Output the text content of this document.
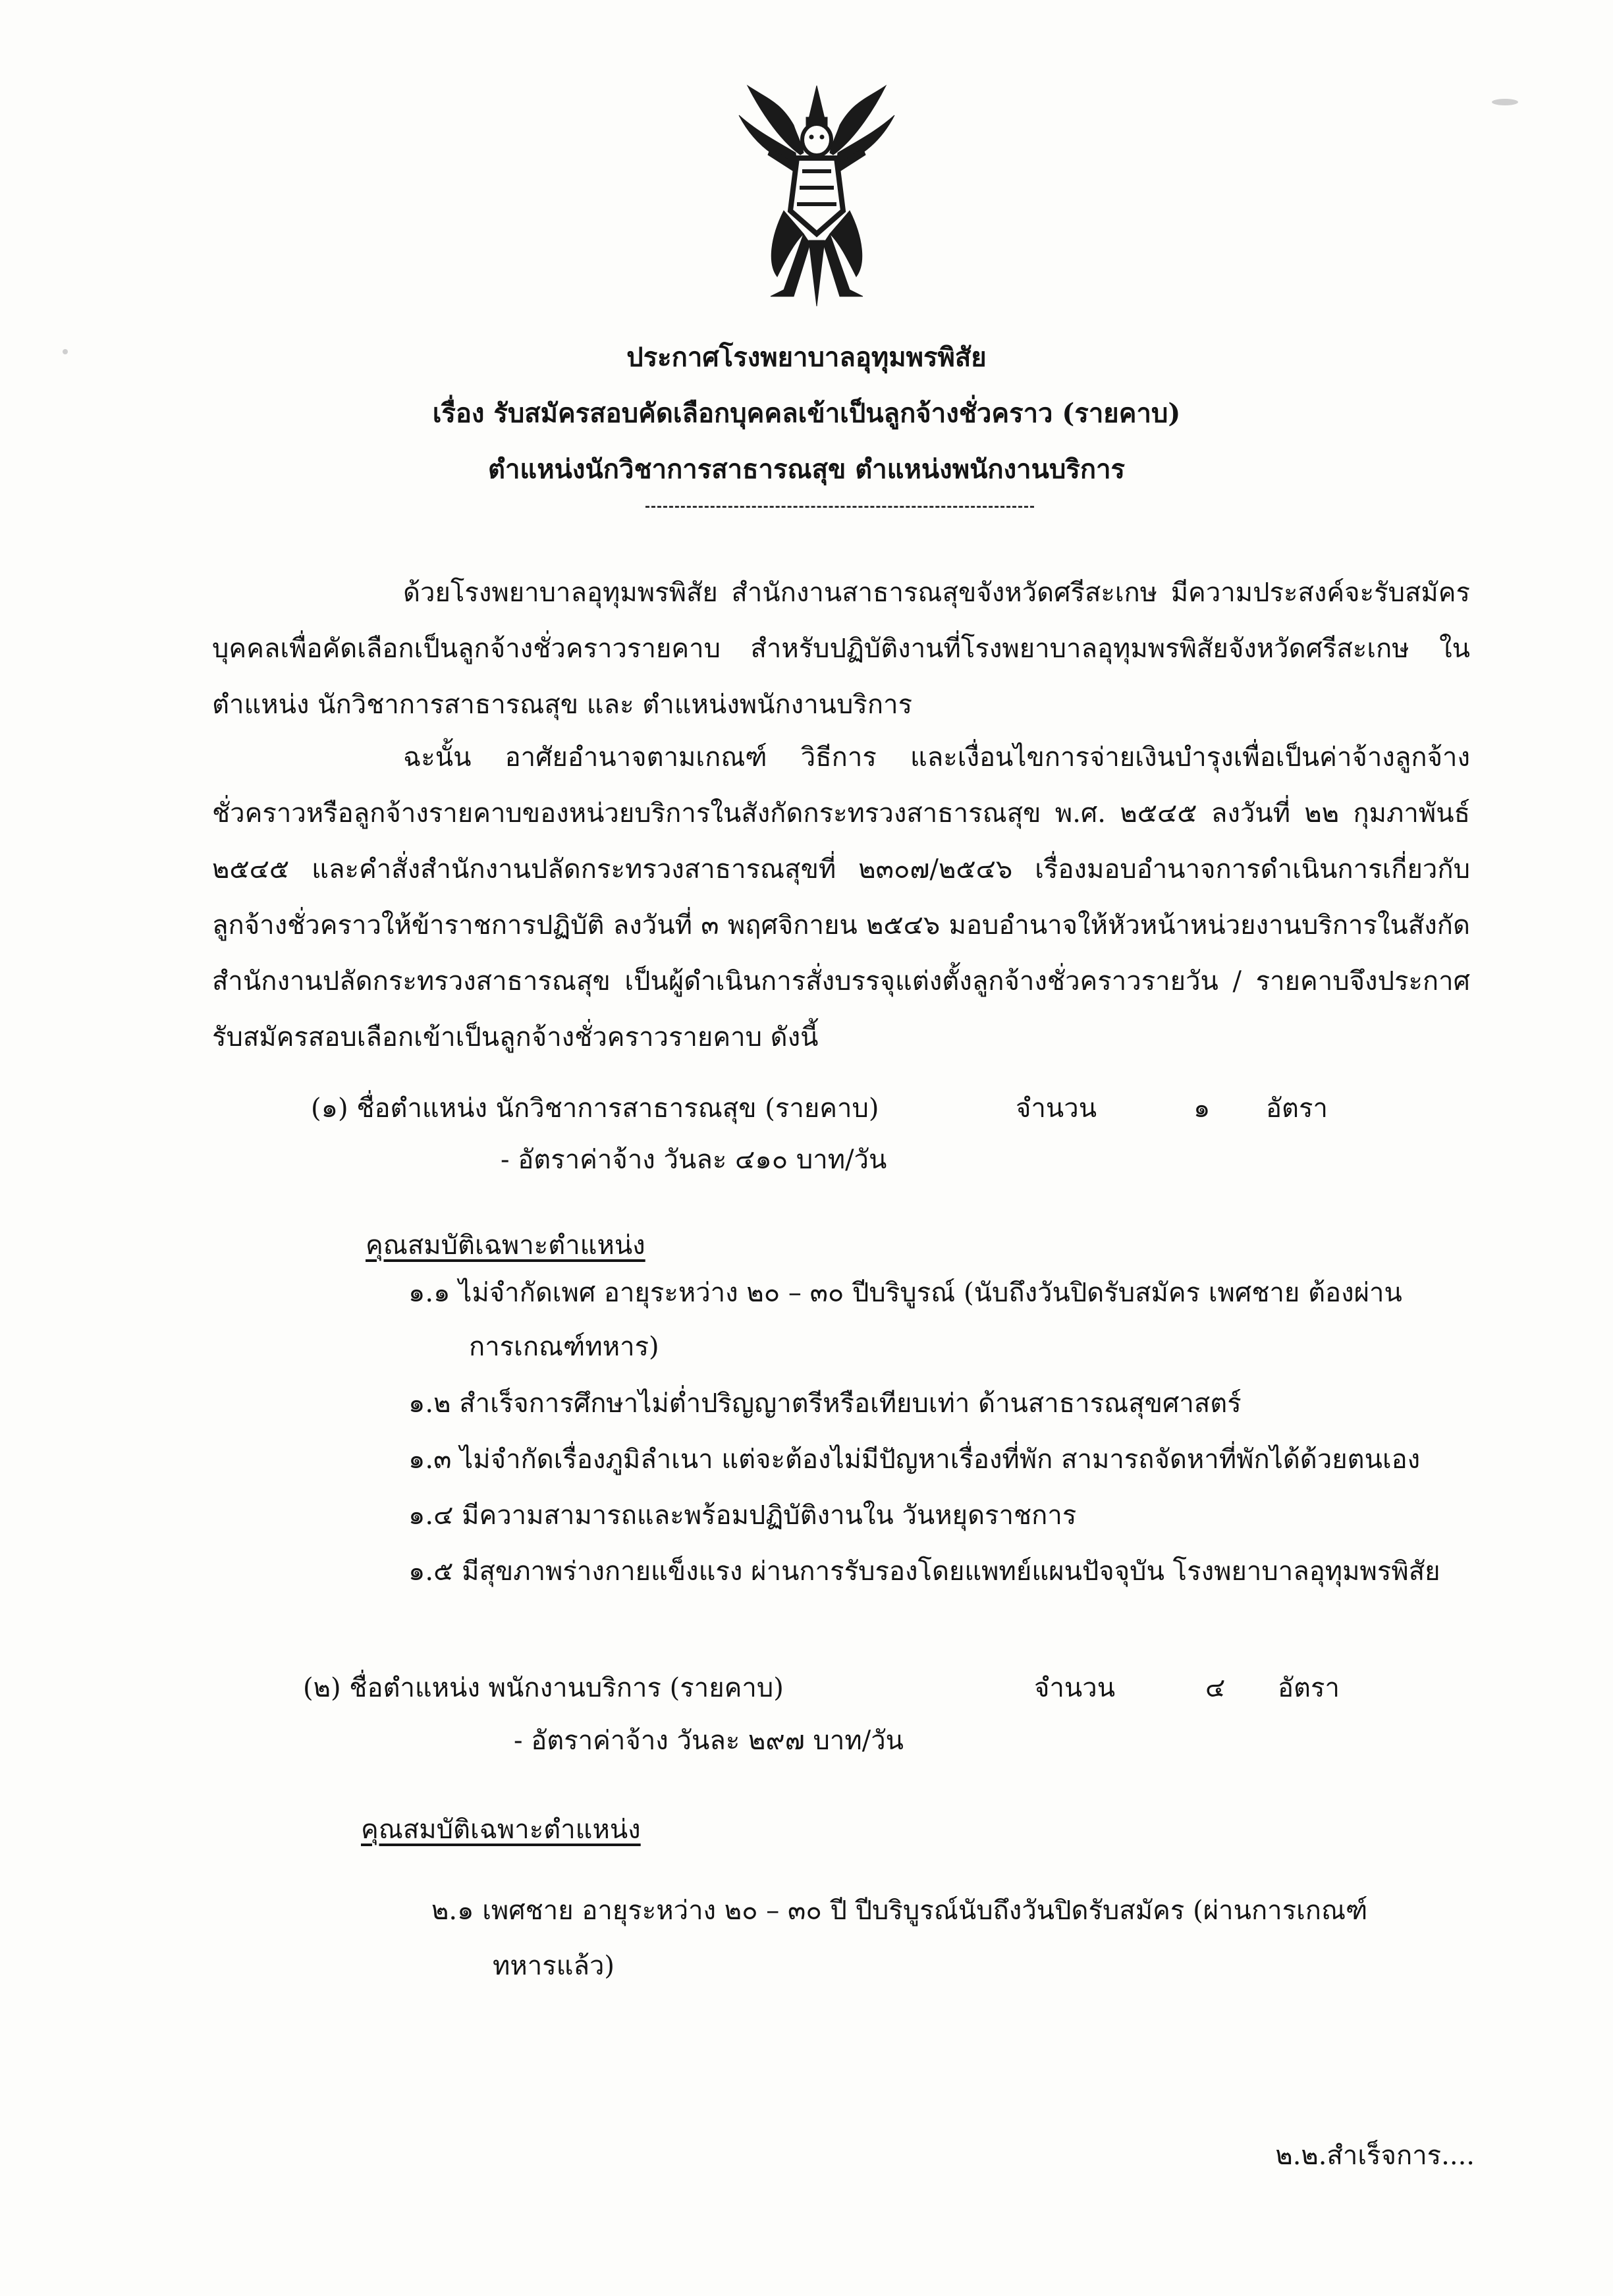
ประกาศโรงพยาบาลอุทุมพรพิสัย
เรื่อง รับสมัครสอบคัดเลือกบุคคลเข้าเป็นลูกจ้างชั่วคราว (รายคาบ)
ตำแหน่งนักวิชาการสาธารณสุข ตำแหน่งพนักงานบริการ
ด้วยโรงพยาบาลอุทุมพรพิสัย สำนักงานสาธารณสุขจังหวัดศรีสะเกษ มีความประสงค์จะรับสมัครบุคคลเพื่อคัดเลือกเป็นลูกจ้างชั่วคราวรายคาบ สำหรับปฏิบัติงานที่โรงพยาบาลอุทุมพรพิสัยจังหวัดศรีสะเกษ ในตำแหน่ง นักวิชาการสาธารณสุข และ ตำแหน่งพนักงานบริการ
ฉะนั้น อาศัยอำนาจตามเกณฑ์ วิธีการ และเงื่อนไขการจ่ายเงินบำรุงเพื่อเป็นค่าจ้างลูกจ้างชั่วคราวหรือลูกจ้างรายคาบของหน่วยบริการในสังกัดกระทรวงสาธารณสุข พ.ศ. ๒๕๔๕ ลงวันที่ ๒๒ กุมภาพันธ์ ๒๕๔๕ และคำสั่งสำนักงานปลัดกระทรวงสาธารณสุขที่ ๒๓๐๗/๒๕๔๖ เรื่องมอบอำนาจการดำเนินการเกี่ยวกับลูกจ้างชั่วคราวให้ข้าราชการปฏิบัติ ลงวันที่ ๓ พฤศจิกายน ๒๕๔๖ มอบอำนาจให้หัวหน้าหน่วยงานบริการในสังกัดสำนักงานปลัดกระทรวงสาธารณสุข เป็นผู้ดำเนินการสั่งบรรจุแต่งตั้งลูกจ้างชั่วคราวรายวัน / รายคาบจึงประกาศรับสมัครสอบเลือกเข้าเป็นลูกจ้างชั่วคราวรายคาบ ดังนี้
(๑) ชื่อตำแหน่ง นักวิชาการสาธารณสุข (รายคาบ)	จำนวน	๑ อัตรา
- อัตราค่าจ้าง วันละ ๔๑๐ บาท/วัน
คุณสมบัติเฉพาะตำแหน่ง
๑.๑ ไม่จำกัดเพศ อายุระหว่าง ๒๐ – ๓๐ ปีบริบูรณ์ (นับถึงวันปิดรับสมัคร เพศชาย ต้องผ่าน
การเกณฑ์ทหาร)
๑.๒ สำเร็จการศึกษาไม่ต่ำปริญญาตรีหรือเทียบเท่า ด้านสาธารณสุขศาสตร์
๑.๓ ไม่จำกัดเรื่องภูมิลำเนา แต่จะต้องไม่มีปัญหาเรื่องที่พัก สามารถจัดหาที่พักได้ด้วยตนเอง
๑.๔ มีความสามารถและพร้อมปฏิบัติงานใน วันหยุดราชการ
๑.๕ มีสุขภาพร่างกายแข็งแรง ผ่านการรับรองโดยแพทย์แผนปัจจุบัน โรงพยาบาลอุทุมพรพิสัย
(๒) ชื่อตำแหน่ง พนักงานบริการ (รายคาบ)	จำนวน	๔ อัตรา
- อัตราค่าจ้าง วันละ ๒๙๗ บาท/วัน
คุณสมบัติเฉพาะตำแหน่ง
๒.๑ เพศชาย อายุระหว่าง ๒๐ – ๓๐ ปี ปีบริบูรณ์นับถึงวันปิดรับสมัคร (ผ่านการเกณฑ์
ทหารแล้ว)
๒.๒.สำเร็จการ....
